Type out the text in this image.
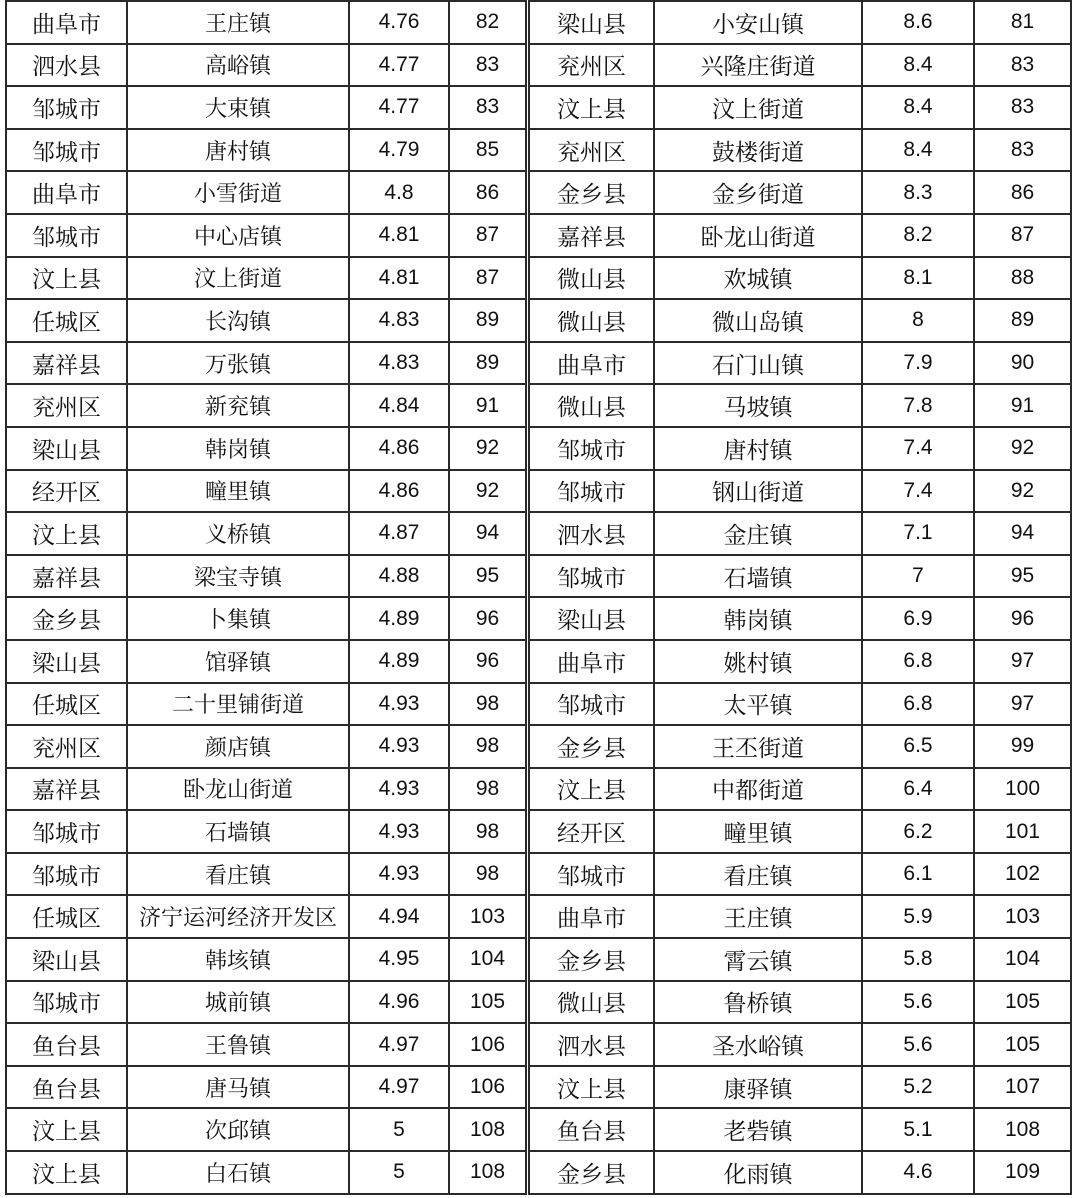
曲阜市	王庄镇	4.76	82
泗水县	高峪镇	4.77	83
邹城市	大束镇	4.77	83
邹城市	唐村镇	4.79	85
曲阜市	小雪街道	4.8	86
邹城市	中心店镇	4.81	87
汶上县	汶上街道	4.81	87
任城区	长沟镇	4.83	89
嘉祥县	万张镇	4.83	89
兖州区	新兖镇	4.84	91
梁山县	韩岗镇	4.86	92
经开区	疃里镇	4.86	92
汶上县	义桥镇	4.87	94
嘉祥县	梁宝寺镇	4.88	95
金乡县	卜集镇	4.89	96
梁山县	馆驿镇	4.89	96
任城区	二十里铺街道	4.93	98
兖州区	颜店镇	4.93	98
嘉祥县	卧龙山街道	4.93	98
邹城市	石墙镇	4.93	98
邹城市	看庄镇	4.93	98
任城区	济宁运河经济开发区	4.94	103
梁山县	韩垓镇	4.95	104
邹城市	城前镇	4.96	105
鱼台县	王鲁镇	4.97	106
鱼台县	唐马镇	4.97	106
汶上县	次邱镇	5	108
汶上县	白石镇	5	108
梁山县	小安山镇	8.6	81
兖州区	兴隆庄街道	8.4	83
汶上县	汶上街道	8.4	83
兖州区	鼓楼街道	8.4	83
金乡县	金乡街道	8.3	86
嘉祥县	卧龙山街道	8.2	87
微山县	欢城镇	8.1	88
微山县	微山岛镇	8	89
曲阜市	石门山镇	7.9	90
微山县	马坡镇	7.8	91
邹城市	唐村镇	7.4	92
邹城市	钢山街道	7.4	92
泗水县	金庄镇	7.1	94
邹城市	石墙镇	7	95
梁山县	韩岗镇	6.9	96
曲阜市	姚村镇	6.8	97
邹城市	太平镇	6.8	97
金乡县	王丕街道	6.5	99
汶上县	中都街道	6.4	100
经开区	疃里镇	6.2	101
邹城市	看庄镇	6.1	102
曲阜市	王庄镇	5.9	103
金乡县	霄云镇	5.8	104
微山县	鲁桥镇	5.6	105
泗水县	圣水峪镇	5.6	105
汶上县	康驿镇	5.2	107
鱼台县	老砦镇	5.1	108
金乡县	化雨镇	4.6	109
